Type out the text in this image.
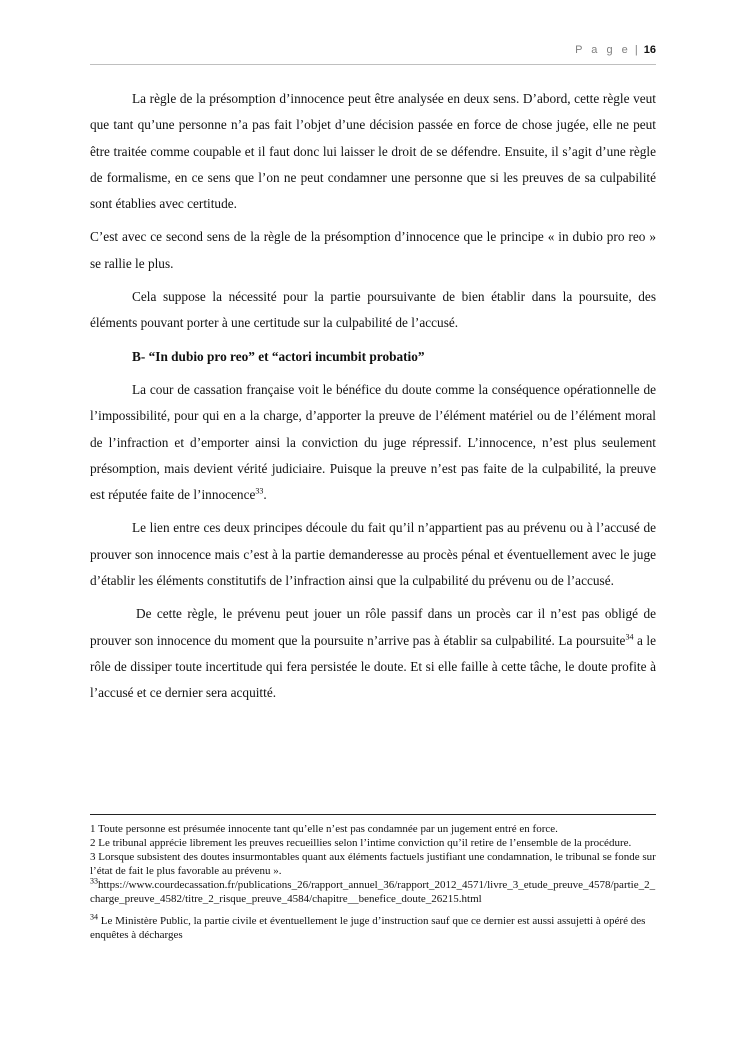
P a g e | 16

La règle de la présomption d’innocence peut être analysée en deux sens. D’abord, cette règle veut que tant qu’une personne n’a pas fait l’objet d’une décision passée en force de chose jugée, elle ne peut être traitée comme coupable et il faut donc lui laisser le droit de se défendre. Ensuite, il s’agit d’une règle de formalisme, en ce sens que l’on ne peut condamner une personne que si les preuves de sa culpabilité sont établies avec certitude.

C’est avec ce second sens de la règle de la présomption d’innocence que le principe « in dubio pro reo » se rallie le plus.

Cela suppose la nécessité pour la partie poursuivante de bien établir dans la poursuite, des éléments pouvant porter à une certitude sur la culpabilité de l’accusé.

B- “In dubio pro reo” et “actori incumbit probatio”

La cour de cassation française voit le bénéfice du doute comme la conséquence opérationnelle de l’impossibilité, pour qui en a la charge, d’apporter la preuve de l’élément matériel ou de l’élément moral de l’infraction et d’emporter ainsi la conviction du juge répressif. L’innocence, n’est plus seulement présomption, mais devient vérité judiciaire. Puisque la preuve n’est pas faite de la culpabilité, la preuve est réputée faite de l’innocence$^{33}$.

Le lien entre ces deux principes découle du fait qu’il n’appartient pas au prévenu ou à l’accusé de prouver son innocence mais c’est à la partie demanderesse au procès pénal et éventuellement avec le juge d’établir les éléments constitutifs de l’infraction ainsi que la culpabilité du prévenu ou de l’accusé.

De cette règle, le prévenu peut jouer un rôle passif dans un procès car il n’est pas obligé de prouver son innocence du moment que la poursuite n’arrive pas à établir sa culpabilité. La poursuite$^{34}$ a le rôle de dissiper toute incertitude qui fera persistée le doute. Et si elle faille à cette tâche, le doute profite à l’accusé et ce dernier sera acquitté.

1 Toute personne est présumée innocente tant qu’elle n’est pas condamnée par un jugement entré en force.
2 Le tribunal apprécie librement les preuves recueillies selon l’intime conviction qu’il retire de l’ensemble de la procédure.
3 Lorsque subsistent des doutes insurmontables quant aux éléments factuels justifiant une condamnation, le tribunal se fonde sur l’état de fait le plus favorable au prévenu ».
$^{33}$https://www.courdecassation.fr/publications_26/rapport_annuel_36/rapport_2012_4571/livre_3_etude_preuve_4578/partie_2_charge_preuve_4582/titre_2_risque_preuve_4584/chapitre__benefice_doute_26215.html
$^{34}$ Le Ministère Public, la partie civile et éventuellement le juge d’instruction sauf que ce dernier est aussi assujetti à opéré des enquêtes à décharges
